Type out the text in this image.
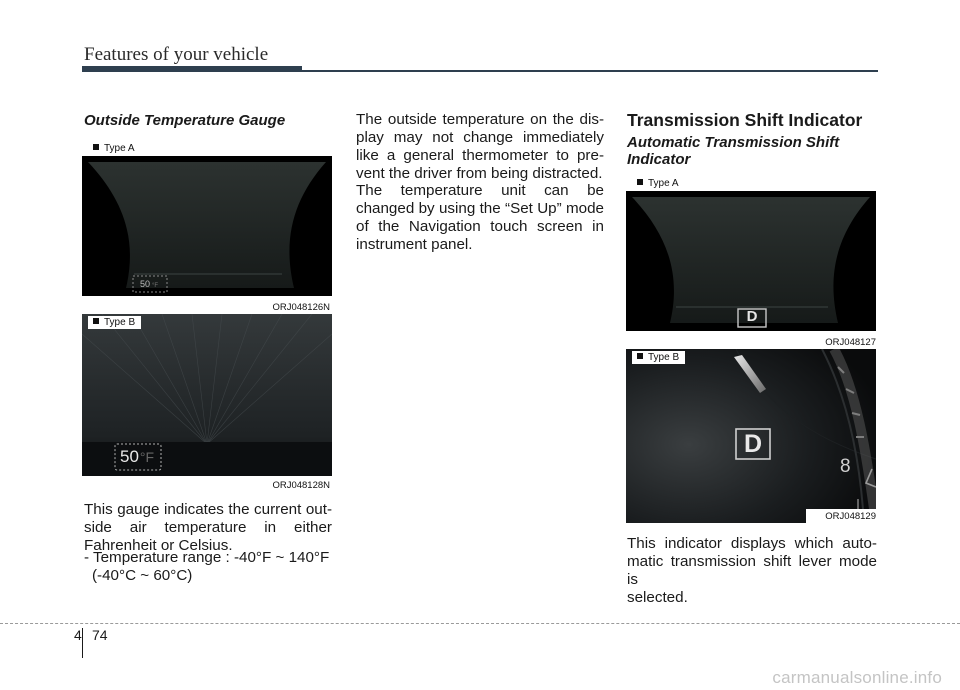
Features of your vehicle
Outside Temperature Gauge
Type A
50 °F
ORJ048126N
Type B
50°F
ORJ048128N
This gauge indicates the current out-
side air temperature in either
Fahrenheit or Celsius.
- Temperature range : -40°F ~ 140°F
(-40°C ~ 60°C)
The outside temperature on the dis-
play may not change immediately
like a general thermometer to pre-
vent the driver from being distracted.
The temperature unit can be
changed by using the “Set Up” mode
of the Navigation touch screen in
instrument panel.
Transmission Shift Indicator
Automatic Transmission Shift
Indicator
Type A
D
ORJ048127
Type B
D
8
ORJ048129
This indicator displays which auto-
matic transmission shift lever mode is
selected.
4 74
carmanualsonline.info
